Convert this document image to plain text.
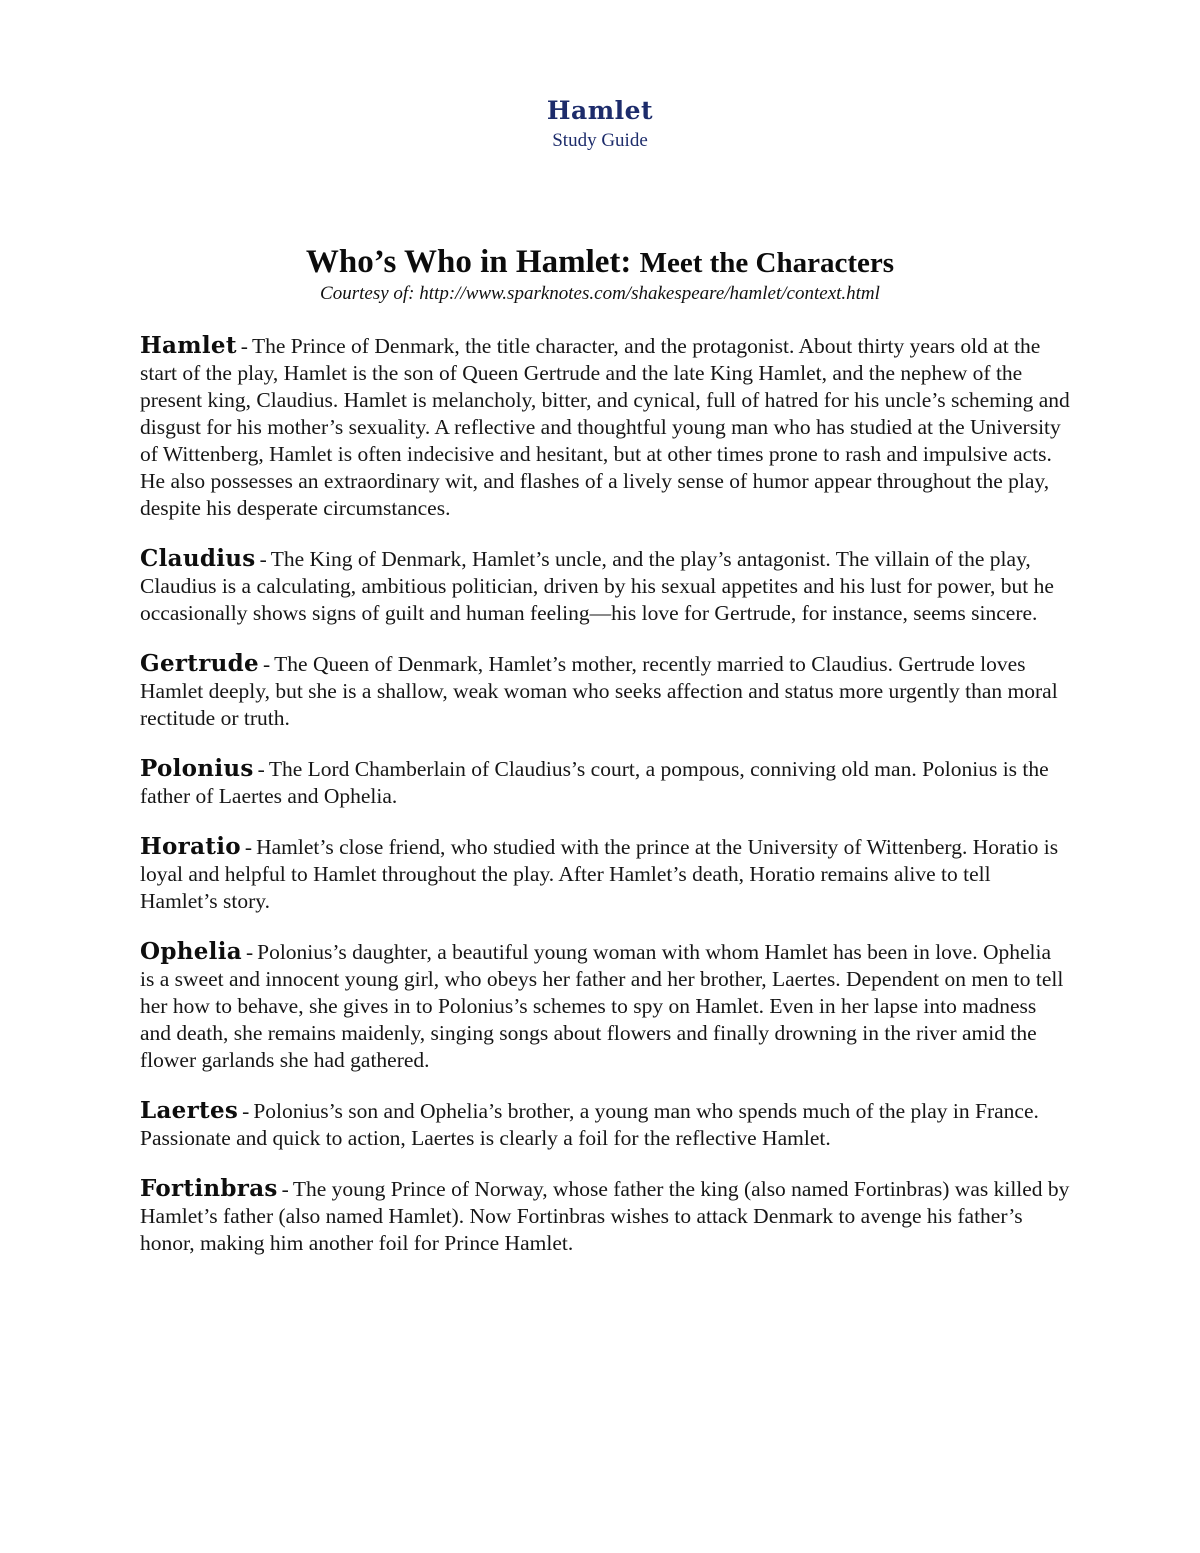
Hamlet
Study Guide
Who’s Who in Hamlet: Meet the Characters
Courtesy of: http://www.sparknotes.com/shakespeare/hamlet/context.html

Hamlet - The Prince of Denmark, the title character, and the protagonist. About thirty years old at the start of the play, Hamlet is the son of Queen Gertrude and the late King Hamlet, and the nephew of the present king, Claudius. Hamlet is melancholy, bitter, and cynical, full of hatred for his uncle’s scheming and disgust for his mother’s sexuality. A reflective and thoughtful young man who has studied at the University of Wittenberg, Hamlet is often indecisive and hesitant, but at other times prone to rash and impulsive acts. He also possesses an extraordinary wit, and flashes of a lively sense of humor appear throughout the play, despite his desperate circumstances.

Claudius - The King of Denmark, Hamlet’s uncle, and the play’s antagonist. The villain of the play, Claudius is a calculating, ambitious politician, driven by his sexual appetites and his lust for power, but he occasionally shows signs of guilt and human feeling—his love for Gertrude, for instance, seems sincere.

Gertrude - The Queen of Denmark, Hamlet’s mother, recently married to Claudius. Gertrude loves Hamlet deeply, but she is a shallow, weak woman who seeks affection and status more urgently than moral rectitude or truth.

Polonius - The Lord Chamberlain of Claudius’s court, a pompous, conniving old man. Polonius is the father of Laertes and Ophelia.

Horatio - Hamlet’s close friend, who studied with the prince at the University of Wittenberg. Horatio is loyal and helpful to Hamlet throughout the play. After Hamlet’s death, Horatio remains alive to tell Hamlet’s story.

Ophelia - Polonius’s daughter, a beautiful young woman with whom Hamlet has been in love. Ophelia is a sweet and innocent young girl, who obeys her father and her brother, Laertes. Dependent on men to tell her how to behave, she gives in to Polonius’s schemes to spy on Hamlet. Even in her lapse into madness and death, she remains maidenly, singing songs about flowers and finally drowning in the river amid the flower garlands she had gathered.

Laertes - Polonius’s son and Ophelia’s brother, a young man who spends much of the play in France. Passionate and quick to action, Laertes is clearly a foil for the reflective Hamlet.

Fortinbras - The young Prince of Norway, whose father the king (also named Fortinbras) was killed by Hamlet’s father (also named Hamlet). Now Fortinbras wishes to attack Denmark to avenge his father’s honor, making him another foil for Prince Hamlet.
